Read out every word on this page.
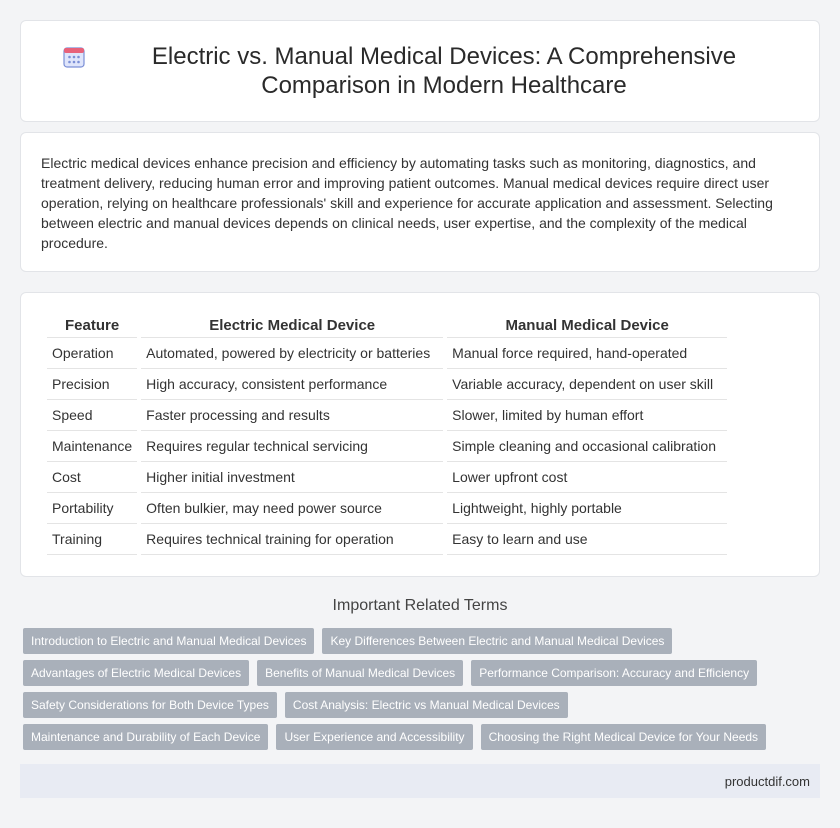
Electric vs. Manual Medical Devices: A Comprehensive Comparison in Modern Healthcare

Electric medical devices enhance precision and efficiency by automating tasks such as monitoring, diagnostics, and treatment delivery, reducing human error and improving patient outcomes. Manual medical devices require direct user operation, relying on healthcare professionals' skill and experience for accurate application and assessment. Selecting between electric and manual devices depends on clinical needs, user expertise, and the complexity of the medical procedure.

Feature	Electric Medical Device	Manual Medical Device
Operation	Automated, powered by electricity or batteries	Manual force required, hand-operated
Precision	High accuracy, consistent performance	Variable accuracy, dependent on user skill
Speed	Faster processing and results	Slower, limited by human effort
Maintenance	Requires regular technical servicing	Simple cleaning and occasional calibration
Cost	Higher initial investment	Lower upfront cost
Portability	Often bulkier, may need power source	Lightweight, highly portable
Training	Requires technical training for operation	Easy to learn and use
Important Related Terms
Introduction to Electric and Manual Medical Devices	Key Differences Between Electric and Manual Medical Devices
Advantages of Electric Medical Devices	Benefits of Manual Medical Devices	Performance Comparison: Accuracy and Efficiency
Safety Considerations for Both Device Types	Cost Analysis: Electric vs Manual Medical Devices
Maintenance and Durability of Each Device	User Experience and Accessibility	Choosing the Right Medical Device for Your Needs
productdif.com
